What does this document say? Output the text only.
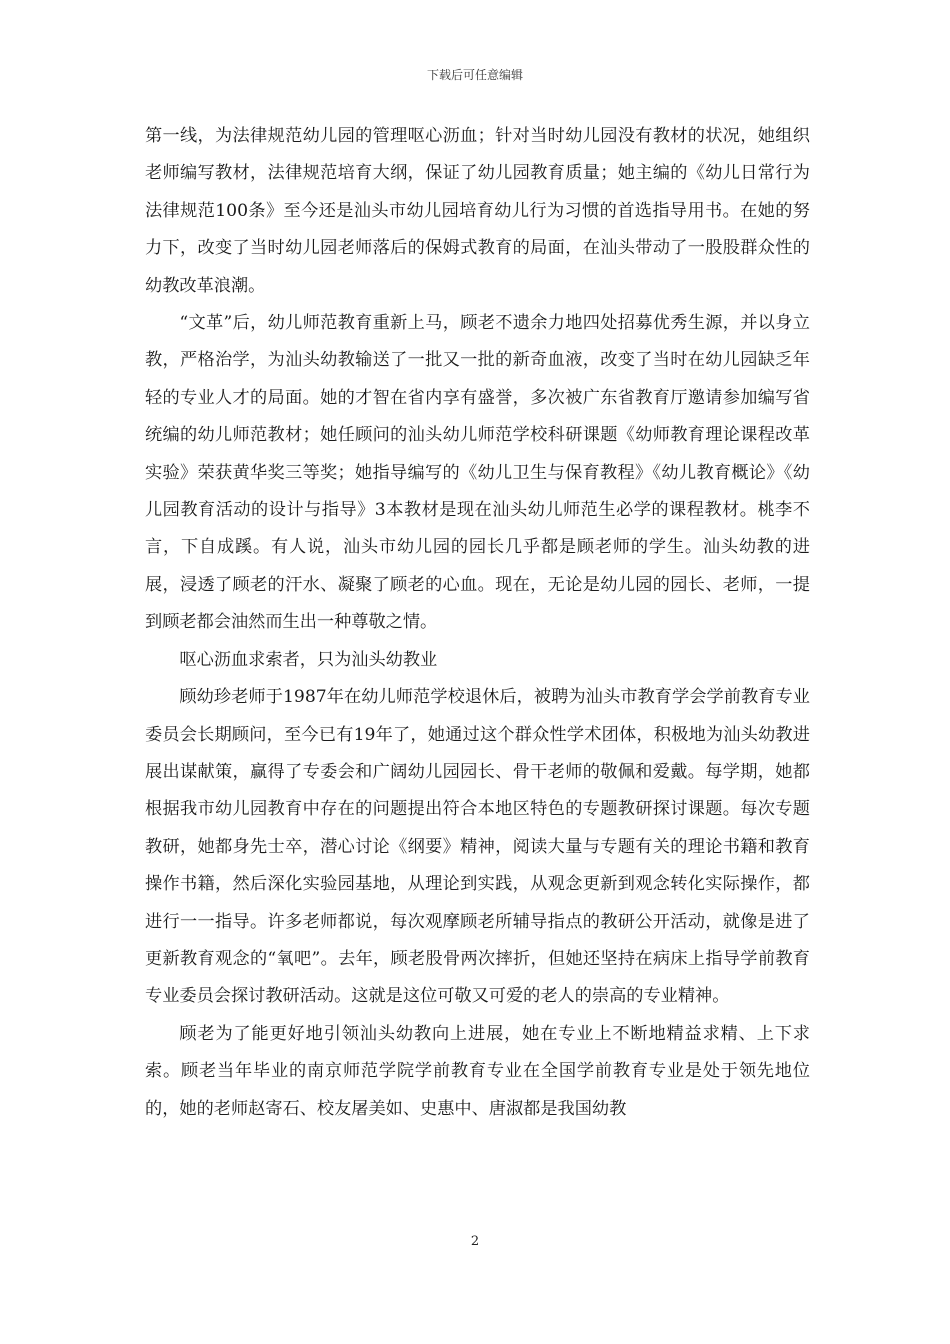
下载后可任意编辑

第一线，为法律规范幼儿园的管理呕心沥血；针对当时幼儿园没有教材的状况，她组织老师编写教材，法律规范培育大纲，保证了幼儿园教育质量；她主编的《幼儿日常行为法律规范100条》至今还是汕头市幼儿园培育幼儿行为习惯的首选指导用书。在她的努力下，改变了当时幼儿园老师落后的保姆式教育的局面，在汕头带动了一股股群众性的幼教改革浪潮。

“文革”后，幼儿师范教育重新上马，顾老不遗余力地四处招募优秀生源，并以身立教，严格治学，为汕头幼教输送了一批又一批的新奇血液，改变了当时在幼儿园缺乏年轻的专业人才的局面。她的才智在省内享有盛誉，多次被广东省教育厅邀请参加编写省统编的幼儿师范教材；她任顾问的汕头幼儿师范学校科研课题《幼师教育理论课程改革实验》荣获黄华奖三等奖；她指导编写的《幼儿卫生与保育教程》《幼儿教育概论》《幼儿园教育活动的设计与指导》3本教材是现在汕头幼儿师范生必学的课程教材。桃李不言，下自成蹊。有人说，汕头市幼儿园的园长几乎都是顾老师的学生。汕头幼教的进展，浸透了顾老的汗水、凝聚了顾老的心血。现在，无论是幼儿园的园长、老师，一提到顾老都会油然而生出一种尊敬之情。

呕心沥血求索者，只为汕头幼教业

顾幼珍老师于1987年在幼儿师范学校退休后，被聘为汕头市教育学会学前教育专业委员会长期顾问，至今已有19年了，她通过这个群众性学术团体，积极地为汕头幼教进展出谋献策，赢得了专委会和广阔幼儿园园长、骨干老师的敬佩和爱戴。每学期，她都根据我市幼儿园教育中存在的问题提出符合本地区特色的专题教研探讨课题。每次专题教研，她都身先士卒，潜心讨论《纲要》精神，阅读大量与专题有关的理论书籍和教育操作书籍，然后深化实验园基地，从理论到实践，从观念更新到观念转化实际操作，都进行一一指导。许多老师都说，每次观摩顾老所辅导指点的教研公开活动，就像是进了更新教育观念的“氧吧”。去年，顾老股骨两次摔折，但她还坚持在病床上指导学前教育专业委员会探讨教研活动。这就是这位可敬又可爱的老人的崇高的专业精神。

顾老为了能更好地引领汕头幼教向上进展，她在专业上不断地精益求精、上下求索。顾老当年毕业的南京师范学院学前教育专业在全国学前教育专业是处于领先地位的，她的老师赵寄石、校友屠美如、史惠中、唐淑都是我国幼教

2
